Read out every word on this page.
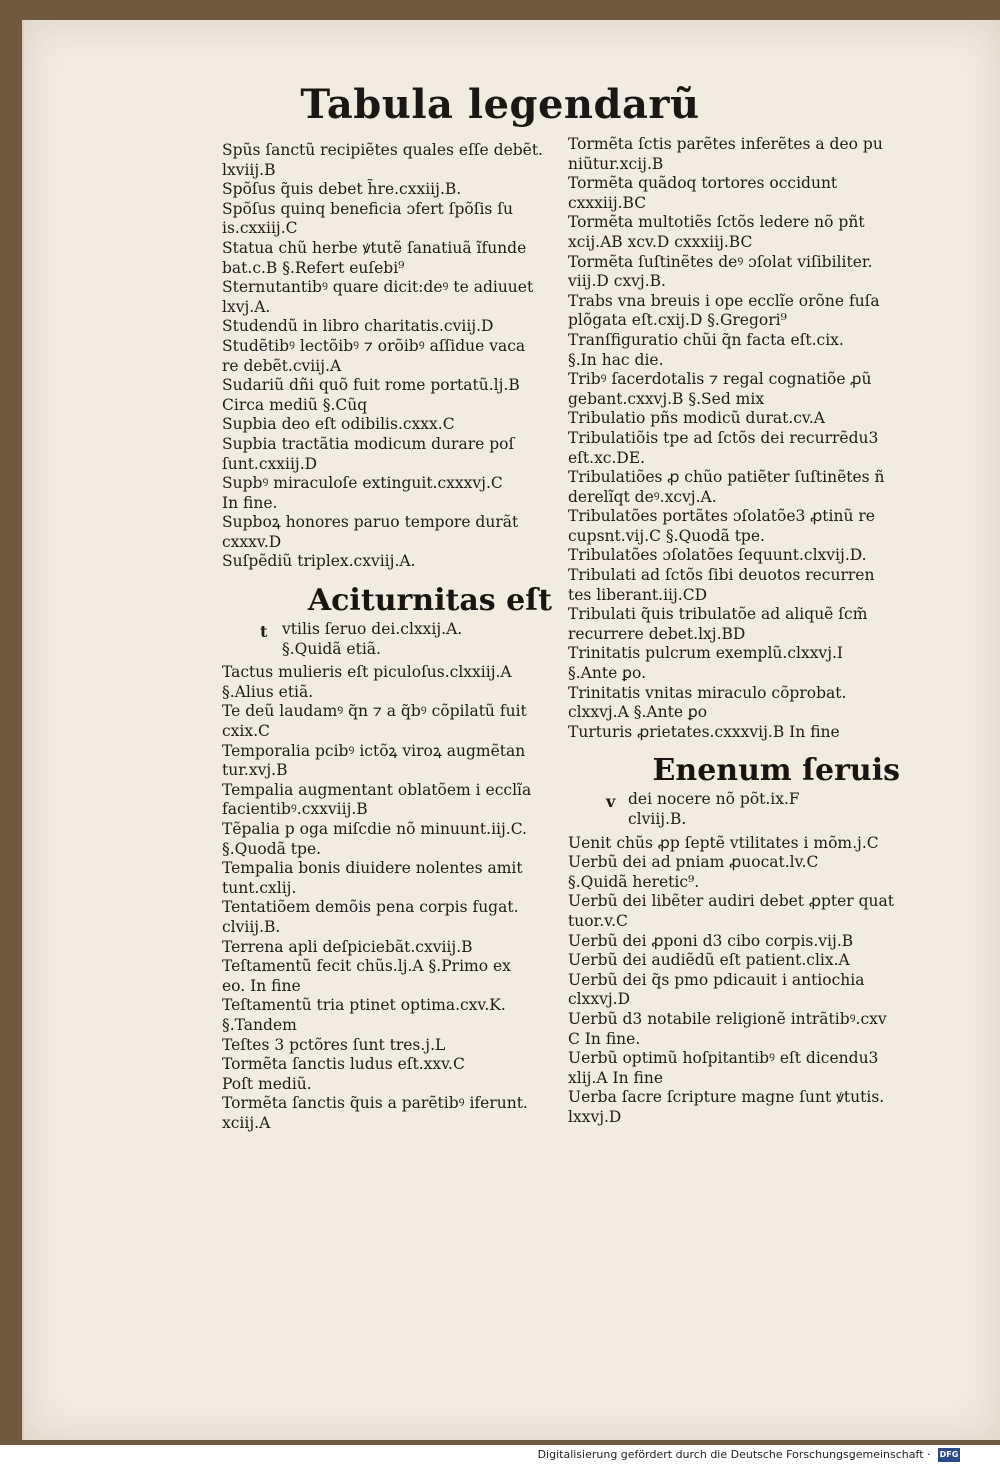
Tabula legendarũ
Spũs ſanctũ recipiẽtes quales eſſe debẽt.
lxviij.B
Spõſus q̃uis debet h̃re.cxxiij.B.
Spõſus quinq beneficia ɔfert ſpõſis ſu
is.cxxiij.C
Statua chũ herbe ꝟtutẽ ſanatiuã ĩfunde
bat.c.B §.Refert euſebi⁹
Sternutantibꝰ quare dicit:deꝰ te adiuuet
lxvj.A.
Studendũ in libro charitatis.cviij.D
Studẽtibꝰ lectõibꝰ ⁊ orõibꝰ aſſidue vaca
re debẽt.cviij.A
Sudariũ dñi quõ fuit rome portatũ.lj.B
Circa mediũ §.Cũq
Supbia deo eſt odibilis.cxxx.C
Supbia tractãtia modicum durare poſ
ſunt.cxxiij.D
Supbꝰ miraculoſe extinguit.cxxxvj.C
In fine.
Supboꝝ honores paruo tempore durãt
cxxxv.D
Suſpẽdiũ triplex.cxviij.A.
Aciturnitas eſt
t vtilis ſeruo dei.clxxij.A.
§.Quidã etiã.
Tactus mulieris eſt piculoſus.clxxiij.A
§.Alius etiã.
Te deũ laudamꝰ q̃n ⁊ a q̃bꝰ cõpilatũ fuit
cxix.C
Temporalia pcibꝰ ictõꝝ viroꝝ augmẽtan
tur.xvj.B
Tempalia augmentant oblatõem i ecclĩa
facientibꝰ.cxxviij.B
Tẽpalia p oga miſcdie nõ minuunt.iij.C.
§.Quodã tpe.
Tempalia bonis diuidere nolentes amit
tunt.cxlij.
Tentatiõem demõis pena corpis fugat.
clviij.B.
Terrena apli deſpiciebãt.cxviij.B
Teſtamentũ fecit chũs.lj.A §.Primo ex
eo. In fine
Teſtamentũ tria ptinet optima.cxv.K.
§.Tandem
Teſtes 3 pctõres ſunt tres.j.L
Tormẽta ſanctis ludus eſt.xxv.C
Poſt mediũ.
Tormẽta ſanctis q̃uis a parẽtibꝰ iferunt.
xciij.A
Tormẽta ſctis parẽtes inferẽtes a deo pu
niũtur.xcij.B
Tormẽta quãdoq tortores occidunt
cxxxiij.BC
Tormẽta multotiẽs ſctõs ledere nõ pñt
xcij.AB xcv.D cxxxiij.BC
Tormẽta ſuſtinẽtes deꝰ ɔſolat viſibiliter.
viij.D cxvj.B.
Trabs vna breuis i ope ecclĩe orõne fuſa
plõgata eſt.cxij.D §.Gregori⁹
Tranſfiguratio chũi q̃n facta eſt.cix.
§.In hac die.
Tribꝰ ſacerdotalis ⁊ regal cognatiõe ꝓũ
gebant.cxxvj.B §.Sed mix
Tribulatio pñs modicũ durat.cv.A
Tribulatiõis tpe ad ſctõs dei recurrẽdu3
eſt.xc.DE.
Tribulatiões ꝓ chũo patiẽter ſuſtinẽtes ñ
derelĩqt deꝰ.xcvj.A.
Tribulatões portãtes ɔſolatõe3 ꝓtinũ re
cupsnt.vij.C §.Quodã tpe.
Tribulatões ɔſolatões ſequunt.clxvij.D.
Tribulati ad ſctõs ſibi deuotos recurren
tes liberant.iij.CD
Tribulati q̃uis tribulatõe ad aliquẽ ſcm̃
recurrere debet.lxj.BD
Trinitatis pulcrum exemplũ.clxxvj.I
§.Ante ꝑo.
Trinitatis vnitas miraculo cõprobat.
clxxvj.A §.Ante ꝑo
Turturis ꝓrietates.cxxxvij.B In fine
Enenum ſeruis
v dei nocere nõ põt.ix.F
clviij.B.
Uenit chũs ꝓp ſeptẽ vtilitates i mõm.j.C
Uerbũ dei ad pniam ꝓuocat.lv.C
§.Quidã heretic⁹.
Uerbũ dei libẽter audiri debet ꝓpter quat
tuor.v.C
Uerbũ dei ꝓponi d3 cibo corpis.vij.B
Uerbũ dei audiẽdũ eſt patient.clix.A
Uerbũ dei q̃s pmo pdicauit i antiochia
clxxvj.D
Uerbũ d3 notabile religionẽ intrãtibꝰ.cxv
C In fine.
Uerbũ optimũ hoſpitantibꝰ eſt dicendu3
xlij.A In fine
Uerba ſacre ſcripture magne ſunt ꝟtutis.
lxxvj.D
Digitalisierung gefördert durch die Deutsche Forschungsgemeinschaft · DFG
